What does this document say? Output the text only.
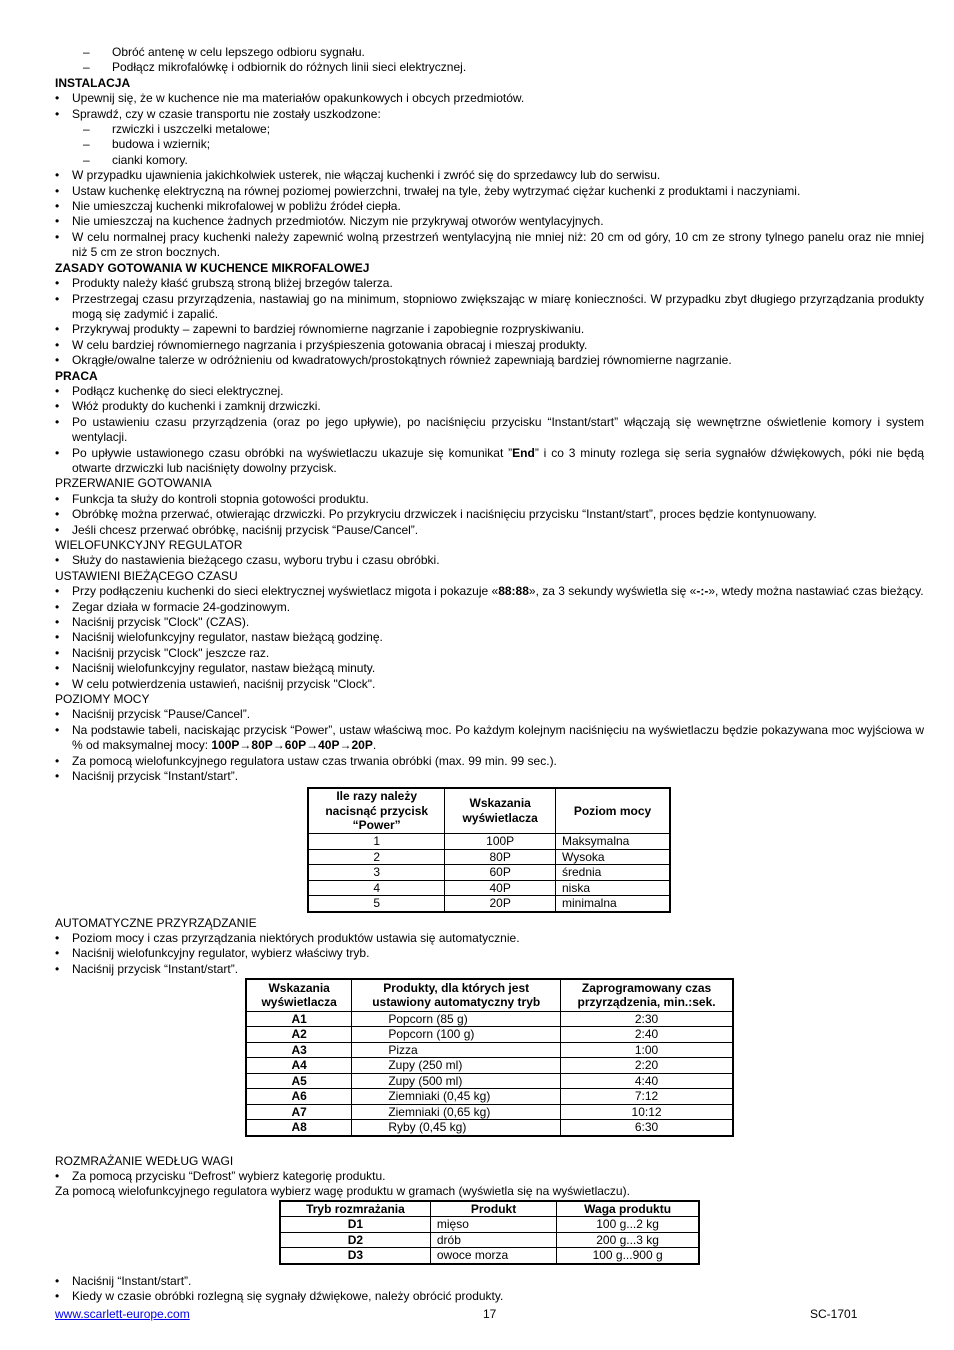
– Obróć antenę w celu lepszego odbioru sygnału.
– Podłącz mikrofalówkę i odbiornik do różnych linii sieci elektrycznej.
INSTALACJA
• Upewnij się, że w kuchence nie ma materiałów opakunkowych i obcych przedmiotów.
• Sprawdź, czy w czasie transportu nie zostały uszkodzone:
– rzwiczki i uszczelki metalowe;
– budowa i wziernik;
– cianki komory.
• W przypadku ujawnienia jakichkolwiek usterek, nie włączaj kuchenki i zwróć się do sprzedawcy lub do serwisu.
• Ustaw kuchenkę elektryczną na równej poziomej powierzchni, trwałej na tyle, żeby wytrzymać ciężar kuchenki z produktami i naczyniami.
• Nie umieszczaj kuchenki mikrofalowej w pobliżu źródeł ciepła.
• Nie umieszczaj na kuchence żadnych przedmiotów. Niczym nie przykrywaj otworów wentylacyjnych.
• W celu normalnej pracy kuchenki należy zapewnić wolną przestrzeń wentylacyjną nie mniej niż: 20 cm od góry, 10 cm ze strony tylnego panelu oraz nie mniej niż 5 cm ze stron bocznych.
ZASADY GOTOWANIA W KUCHENCE MIKROFALOWEJ
• Produkty należy kłaść grubszą stroną bliżej brzegów talerza.
• Przestrzegaj czasu przyrządzenia, nastawiaj go na minimum, stopniowo zwiększając w miarę konieczności. W przypadku zbyt długiego przyrządzania produkty mogą się zadymić i zapalić.
• Przykrywaj produkty – zapewni to bardziej równomierne nagrzanie i zapobiegnie rozpryskiwaniu.
• W celu bardziej równomiernego nagrzania i przyśpieszenia gotowania obracaj i mieszaj produkty.
• Okrągłe/owalne talerze w odróżnieniu od kwadratowych/prostokątnych również zapewniają bardziej równomierne nagrzanie.
PRACA
• Podłącz kuchenkę do sieci elektrycznej.
• Włóż produkty do kuchenki i zamknij drzwiczki.
• Po ustawieniu czasu przyrządzenia (oraz po jego upływie), po naciśnięciu przycisku “Instant/start” włączają się wewnętrzne oświetlenie komory i system wentylacji.
• Po upływie ustawionego czasu obróbki na wyświetlaczu ukazuje się komunikat ”End” i co 3 minuty rozlega się seria sygnałów dźwiękowych, póki nie będą otwarte drzwiczki lub naciśnięty dowolny przycisk.
PRZERWANIE GOTOWANIA
• Funkcja ta służy do kontroli stopnia gotowości produktu.
• Obróbkę można przerwać, otwierając drzwiczki. Po przykryciu drzwiczek i naciśnięciu przycisku “Instant/start”, proces będzie kontynuowany.
• Jeśli chcesz przerwać obróbkę, naciśnij przycisk “Pause/Cancel”.
WIELOFUNKCYJNY REGULATOR
• Służy do nastawienia bieżącego czasu, wyboru trybu i czasu obróbki.
USTAWIENI BIEŻĄCEGO CZASU
• Przy podłączeniu kuchenki do sieci elektrycznej wyświetlacz migota i pokazuje «88:88», za 3 sekundy wyświetla się «-:-», wtedy można nastawiać czas bieżący.
• Zegar działa w formacie 24-godzinowym.
• Naciśnij przycisk "Clock" (CZAS).
• Naciśnij wielofunkcyjny regulator, nastaw bieżącą godzinę.
• Naciśnij przycisk "Clock" jeszcze raz.
• Naciśnij wielofunkcyjny regulator, nastaw bieżącą minuty.
• W celu potwierdzenia ustawień, naciśnij przycisk "Clock".
POZIOMY MOCY
• Naciśnij przycisk “Pause/Cancel”.
• Na podstawie tabeli, naciskając przycisk “Power”, ustaw właściwą moc. Po każdym kolejnym naciśnięciu na wyświetlaczu będzie pokazywana moc wyjściowa w % od maksymalnej mocy: 100P→80P→60P→40P→20P.
• Za pomocą wielofunkcyjnego regulatora ustaw czas trwania obróbki (max. 99 min. 99 sec.).
• Naciśnij przycisk “Instant/start”.
Ile razy należy nacisnąć przycisk “Power”	Wskazania wyświetlacza	Poziom mocy
1	100P	Maksymalna
2	80P	Wysoka
3	60P	średnia
4	40P	niska
5	20P	minimalna
AUTOMATYCZNE PRZYRZĄDZANIE
• Poziom mocy i czas przyrządzania niektórych produktów ustawia się automatycznie.
• Naciśnij wielofunkcyjny regulator, wybierz właściwy tryb.
• Naciśnij przycisk “Instant/start”.
Wskazania wyświetlacza	Produkty, dla których jest ustawiony automatyczny tryb	Zaprogramowany czas przyrządzenia, min.:sek.
A1	Popcorn (85 g)	2:30
A2	Popcorn (100 g)	2:40
A3	Pizza	1:00
A4	Zupy (250 ml)	2:20
A5	Zupy (500 ml)	4:40
A6	Ziemniaki (0,45 kg)	7:12
A7	Ziemniaki (0,65 kg)	10:12
A8	Ryby (0,45 kg)	6:30
ROZMRAŻANIE WEDŁUG WAGI
• Za pomocą przycisku “Defrost” wybierz kategorię produktu.
Za pomocą wielofunkcyjnego regulatora wybierz wagę produktu w gramach (wyświetla się na wyświetlaczu).
Tryb rozmrażania	Produkt	Waga produktu
D1	mięso	100 g...2 kg
D2	drób	200 g...3 kg
D3	owoce morza	100 g...900 g
• Naciśnij “Instant/start”.
• Kiedy w czasie obróbki rozlegną się sygnały dźwiękowe, należy obrócić produkty.
www.scarlett-europe.com	17	SC-1701
